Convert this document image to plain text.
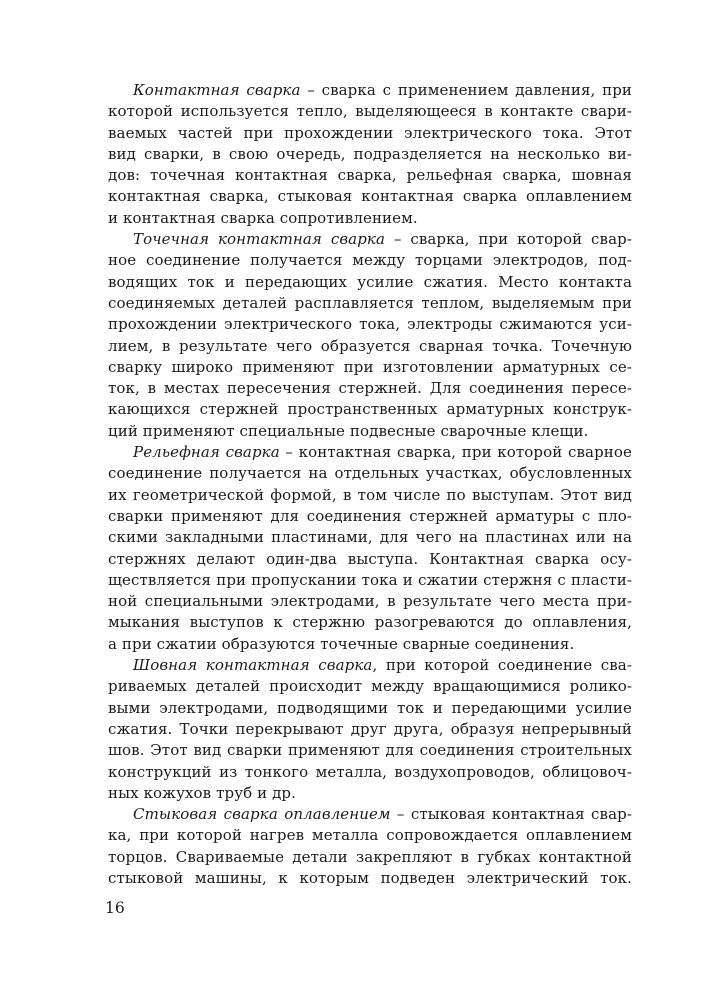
Контактная сварка – сварка с применением давления, при
которой используется тепло, выделяющееся в контакте свари-
ваемых частей при прохождении электрического тока. Этот
вид сварки, в свою очередь, подразделяется на несколько ви-
дов: точечная контактная сварка, рельефная сварка, шовная
контактная сварка, стыковая контактная сварка оплавлением
и контактная сварка сопротивлением.
Точечная контактная сварка – сварка, при которой свар-
ное соединение получается между торцами электродов, под-
водящих ток и передающих усилие сжатия. Место контакта
соединяемых деталей расплавляется теплом, выделяемым при
прохождении электрического тока, электроды сжимаются уси-
лием, в результате чего образуется сварная точка. Точечную
сварку широко применяют при изготовлении арматурных се-
ток, в местах пересечения стержней. Для соединения пересе-
кающихся стержней пространственных арматурных конструк-
ций применяют специальные подвесные сварочные клещи.
Рельефная сварка – контактная сварка, при которой сварное
соединение получается на отдельных участках, обусловленных
их геометрической формой, в том числе по выступам. Этот вид
сварки применяют для соединения стержней арматуры с пло-
скими закладными пластинами, для чего на пластинах или на
стержнях делают один-два выступа. Контактная сварка осу-
ществляется при пропускании тока и сжатии стержня с пласти-
ной специальными электродами, в результате чего места при-
мыкания выступов к стержню разогреваются до оплавления,
а при сжатии образуются точечные сварные соединения.
Шовная контактная сварка, при которой соединение сва-
риваемых деталей происходит между вращающимися ролико-
выми электродами, подводящими ток и передающими усилие
сжатия. Точки перекрывают друг друга, образуя непрерывный
шов. Этот вид сварки применяют для соединения строительных
конструкций из тонкого металла, воздухопроводов, облицовоч-
ных кожухов труб и др.
Стыковая сварка оплавлением – стыковая контактная свар-
ка, при которой нагрев металла сопровождается оплавлением
торцов. Свариваемые детали закрепляют в губках контактной
стыковой машины, к которым подведен электрический ток.
16
